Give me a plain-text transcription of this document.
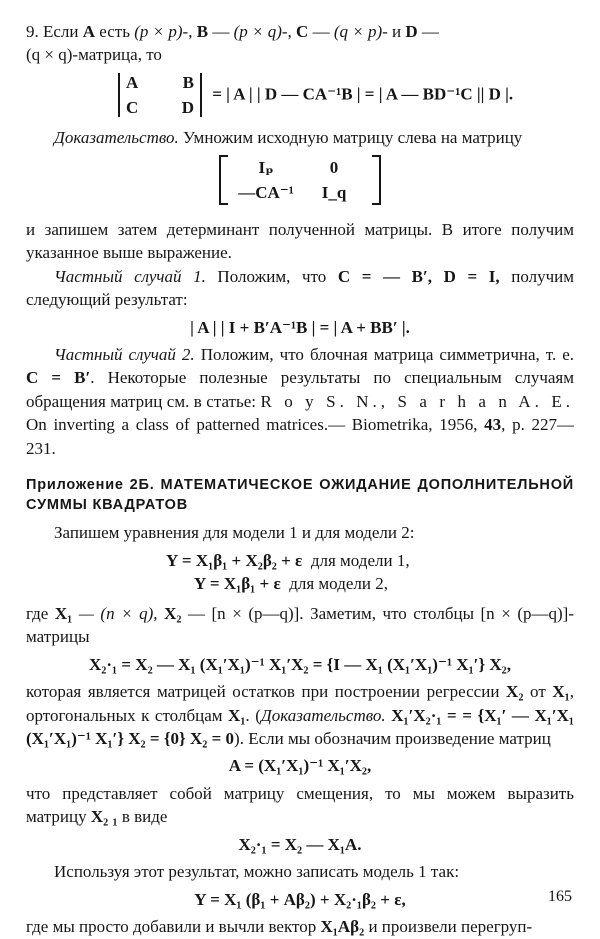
9. Если A есть (p × p)-, B — (p × q)-, C — (q × p)- и D —
(q × q)-матрица, то

A	B
C	D
= | A | | D — CA⁻¹B | = | A — BD⁻¹C || D |.

Доказательство. Умножим исходную матрицу слева на матрицу

Iₚ	0
—CA⁻¹	I_q

и запишем затем детерминант полученной матрицы. В итоге получим указанное выше выражение.

Частный случай 1. Положим, что C = — B′, D = I, получим следующий результат:

| A | | I + B′A⁻¹B | = | A + BB′ |.

Частный случай 2. Положим, что блочная матрица симметрична, т. е. C = B′. Некоторые полезные результаты по специальным случаям обращения матриц см. в статье: R o y S. N., S a r h a n A. E. On inverting a class of patterned matrices.— Biometrika, 1956, 43, p. 227—231.

Приложение 2Б. МАТЕМАТИЧЕСКОЕ ОЖИДАНИЕ ДОПОЛНИТЕЛЬНОЙ СУММЫ КВАДРАТОВ

Запишем уравнения для модели 1 и для модели 2:

Y = X₁β₁ + X₂β₂ + ε для модели 1,
Y = X₁β₁ + ε для модели 2,

где X₁ — (n × q), X₂ — [n × (p—q)]. Заметим, что столбцы [n × (p—q)]-матрицы

X₂·₁ = X₂ — X₁ (X₁′X₁)⁻¹ X₁′X₂ = {I — X₁ (X₁′X₁)⁻¹ X₁′} X₂,

которая является матрицей остатков при построении регрессии X₂ от X₁, ортогональных к столбцам X₁. (Доказательство. X₁′X₂·₁ = = {X₁′ — X₁′X₁ (X₁′X₁)⁻¹ X₁′} X₂ = {0} X₂ = 0). Если мы обозначим произведение матриц

A = (X₁′X₁)⁻¹ X₁′X₂,

что представляет собой матрицу смещения, то мы можем выразить матрицу X₂ ₁ в виде

X₂·₁ = X₂ — X₁A.

Используя этот результат, можно записать модель 1 так:

Y = X₁ (β₁ + Aβ₂) + X₂·₁β₂ + ε,

где мы просто добавили и вычли вектор X₁Aβ₂ и произвели перегруп-

165
